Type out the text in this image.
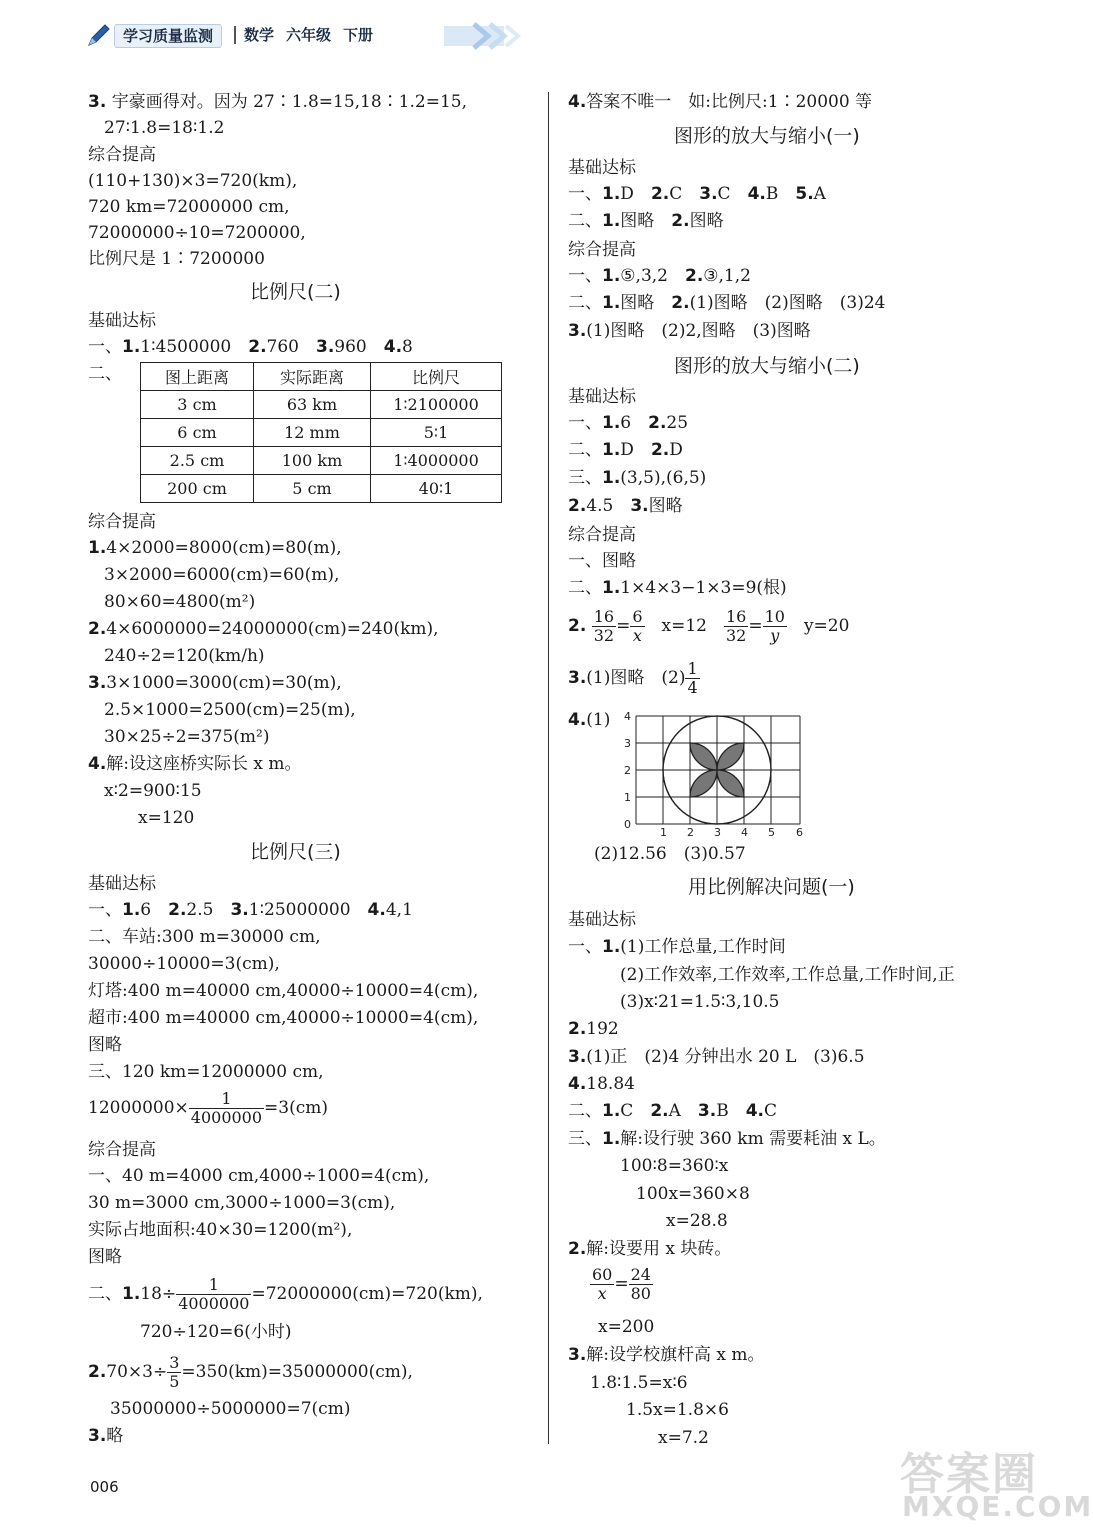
学习质量监测	数学 六年级 下册
3. 宇豪画得对。因为 27∶1.8=15,18∶1.2=15,
27∶1.8=18∶1.2
综合提高
(110+130)×3=720(km),
720 km=72000000 cm,
72000000÷10=7200000,
比例尺是 1∶7200000
比例尺(二)
基础达标
一、1.1∶4500000　 2.760　 3.960　 4.8
二、	图上距离	实际距离	比例尺
3 cm	63 km	1∶2100000
6 cm	12 mm	5∶1
2.5 cm	100 km	1∶4000000
200 cm	5 cm	40∶1
综合提高
1.4×2000=8000(cm)=80(m),
3×2000=6000(cm)=60(m),
80×60=4800(m²)
2.4×6000000=24000000(cm)=240(km),
240÷2=120(km/h)
3.3×1000=3000(cm)=30(m),
2.5×1000=2500(cm)=25(m),
30×25÷2=375(m²)
4.解:设这座桥实际长 x m。
x∶2=900∶15
x=120
比例尺(三)
基础达标
一、1.6　 2.2.5　 3.1∶25000000　 4.4,1
二、车站:300 m=30000 cm,
30000÷10000=3(cm),
灯塔:400 m=40000 cm,40000÷10000=4(cm),
超市:400 m=40000 cm,40000÷10000=4(cm),
图略
三、120 km=12000000 cm,
$12000000\times \frac{1}{4000000} =3(cm)$
综合提高
一、40 m=4000 cm,4000÷1000=4(cm),
30 m=3000 cm,3000÷1000=3(cm),
实际占地面积:40×30=1200(m²),
图略
二、$1.18\div \frac{1}{4000000} =72000000(cm)=720(km)$,
720÷120=6(小时)
$2.70\times 3\div \frac{3}{5} =350(km)=35000000(cm)$,
35000000÷5000000=7(cm)
3.略
4.答案不唯一　如:比例尺:1∶20000 等
图形的放大与缩小(一)
基础达标
一、1.D　 2.C　 3.C　 4.B　 5.A
二、1.图略　 2.图略
综合提高
一、1.⑤,3,2　 2.③,1,2
二、1.图略　 2.(1)图略　(2)图略　(3)24
3.(1)图略　(2)2,图略　(3)图略
图形的放大与缩小(二)
基础达标
一、1.6　 2.25
二、1.D　 2.D
三、1.(3,5),(6,5)
2.4.5　 3.图略
综合提高
一、图略
二、1.1×4×3−1×3=9(根)
2. $\frac{16}{32} = \frac{6}{x}$
　 x=12　 $\frac{16}{32} = \frac{10}{y}$
　 y=20
3.(1)图略　$(2) \frac{1}{4}$
4.(1) 4
3
2
1
0
1 2 3 4 5 6
(2)12.56　(3)0.57
用比例解决问题(一)
基础达标
一、1.(1)工作总量,工作时间
(2)工作效率,工作效率,工作总量,工作时间,正
(3)x∶21=1.5∶3,10.5
2.192
3.(1)正　(2)4 分钟出水 20 L　(3)6.5
4.18.84
二、1.C　 2.A　 3.B　 4.C
三、1.解:设行驶 360 km 需要耗油 x L。
100∶8=360∶x
100x=360×8
x=28.8
2.解:设要用 x 块砖。
$\frac{60}{x} = \frac{24}{80}$
x=200
3.解:设学校旗杆高 x m。
1.8∶1.5=x∶6
1.5x=1.8×6
x=7.2
006	答案圈
MXQE.COM
